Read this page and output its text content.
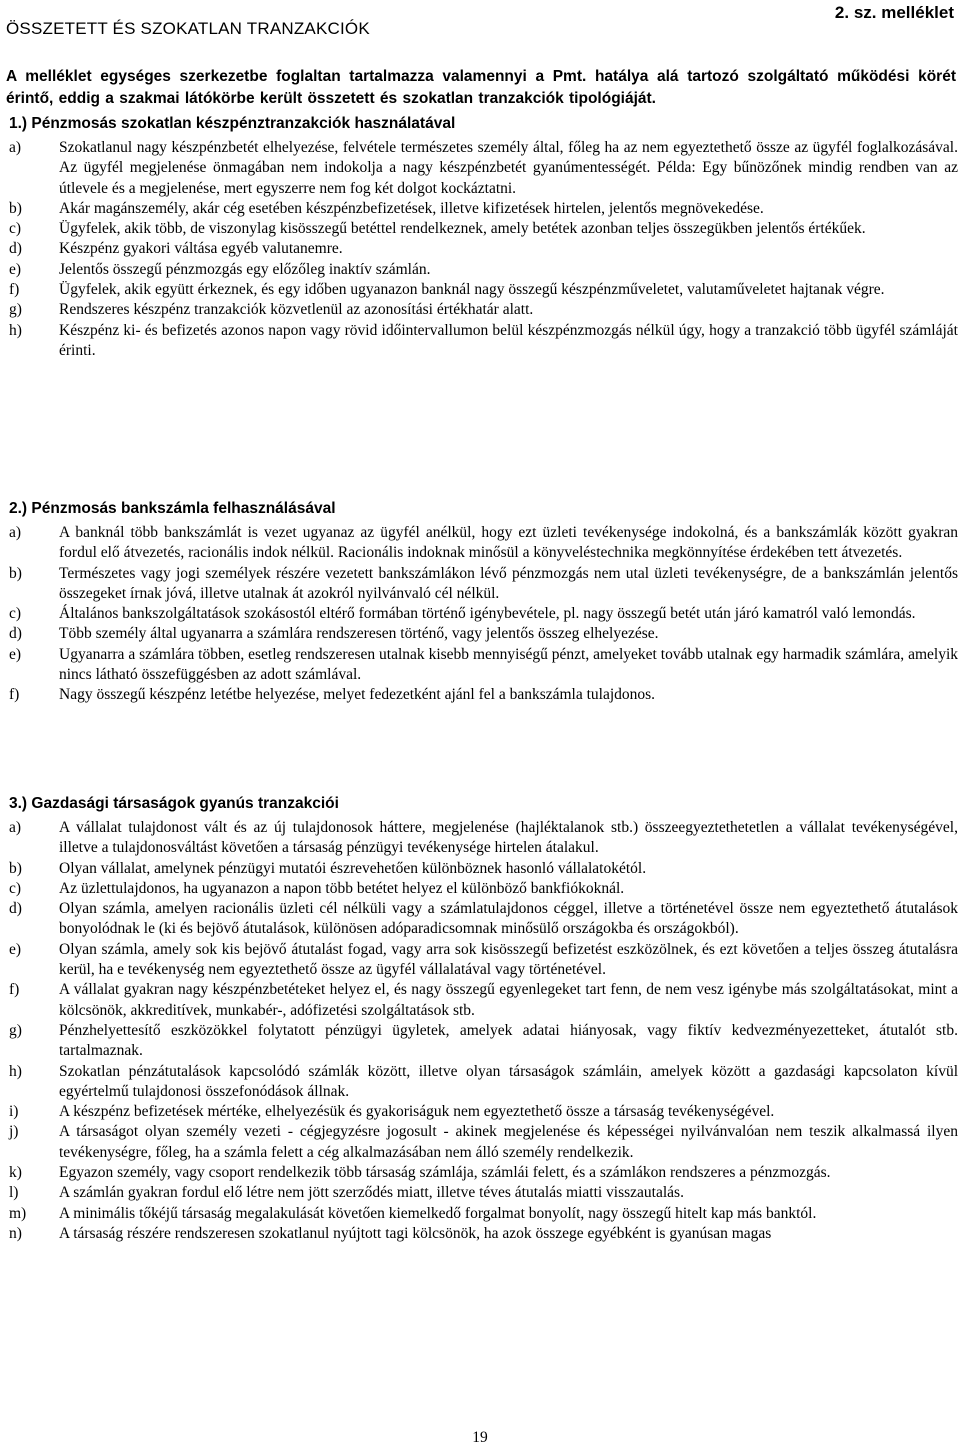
ÖSSZETETT ÉS SZOKATLAN TRANZAKCIÓK
2. sz. melléklet
A melléklet egységes szerkezetbe foglaltan tartalmazza valamennyi a Pmt. hatálya alá tartozó szolgáltató működési körét érintő, eddig a szakmai látókörbe került összetett és szokatlan tranzakciók tipológiáját.
1.) Pénzmosás szokatlan készpénztranzakciók használatával
a)	Szokatlanul nagy készpénzbetét elhelyezése, felvétele természetes személy által, főleg ha az nem egyeztethető össze az ügyfél foglalkozásával. Az ügyfél megjelenése önmagában nem indokolja a nagy készpénzbetét gyanúmentességét. Példa: Egy bűnözőnek mindig rendben van az útlevele és a megjelenése, mert egyszerre nem fog két dolgot kockáztatni.
b)	Akár magánszemély, akár cég esetében készpénzbefizetések, illetve kifizetések hirtelen, jelentős megnövekedése.
c)	Ügyfelek, akik több, de viszonylag kisösszegű betéttel rendelkeznek, amely betétek azonban teljes összegükben jelentős értékűek.
d)	Készpénz gyakori váltása egyéb valutanemre.
e)	Jelentős összegű pénzmozgás egy előzőleg inaktív számlán.
f)	Ügyfelek, akik együtt érkeznek, és egy időben ugyanazon banknál nagy összegű készpénzműveletet, valutaműveletet hajtanak végre.
g)	Rendszeres készpénz tranzakciók közvetlenül az azonosítási értékhatár alatt.
h)	Készpénz ki- és befizetés azonos napon vagy rövid időintervallumon belül készpénzmozgás nélkül úgy, hogy a tranzakció több ügyfél számláját érinti.
2.) Pénzmosás bankszámla felhasználásával
a)	A banknál több bankszámlát is vezet ugyanaz az ügyfél anélkül, hogy ezt üzleti tevékenysége indokolná, és a bankszámlák között gyakran fordul elő átvezetés, racionális indok nélkül. Racionális indoknak minősül a könyveléstechnika megkönnyítése érdekében tett átvezetés.
b)	Természetes vagy jogi személyek részére vezetett bankszámlákon lévő pénzmozgás nem utal üzleti tevékenységre, de a bankszámlán jelentős összegeket írnak jóvá, illetve utalnak át azokról nyilvánvaló cél nélkül.
c)	Általános bankszolgáltatások szokásostól eltérő formában történő igénybevétele, pl. nagy összegű betét után járó kamatról való lemondás.
d)	Több személy által ugyanarra a számlára rendszeresen történő, vagy jelentős összeg elhelyezése.
e)	Ugyanarra a számlára többen, esetleg rendszeresen utalnak kisebb mennyiségű pénzt, amelyeket tovább utalnak egy harmadik számlára, amelyik nincs látható összefüggésben az adott számlával.
f)	Nagy összegű készpénz letétbe helyezése, melyet fedezetként ajánl fel a bankszámla tulajdonos.
3.) Gazdasági társaságok gyanús tranzakciói
a)	A vállalat tulajdonost vált és az új tulajdonosok háttere, megjelenése (hajléktalanok stb.) összeegyeztethetetlen a vállalat tevékenységével, illetve a tulajdonosváltást követően a társaság pénzügyi tevékenysége hirtelen átalakul.
b)	Olyan vállalat, amelynek pénzügyi mutatói észrevehetően különböznek hasonló vállalatokétól.
c)	Az üzlettulajdonos, ha ugyanazon a napon több betétet helyez el különböző bankfiókoknál.
d)	Olyan számla, amelyen racionális üzleti cél nélküli vagy a számlatulajdonos céggel, illetve a történetével össze nem egyeztethető átutalások bonyolódnak le (ki és bejövő átutalások, különösen adóparadicsomnak minősülő országokba és országokból).
e)	Olyan számla, amely sok kis bejövő átutalást fogad, vagy arra sok kisösszegű befizetést eszközölnek, és ezt követően a teljes összeg átutalásra kerül, ha e tevékenység nem egyeztethető össze az ügyfél vállalatával vagy történetével.
f)	A vállalat gyakran nagy készpénzbetéteket helyez el, és nagy összegű egyenlegeket tart fenn, de nem vesz igénybe más szolgáltatásokat, mint a kölcsönök, akkreditívek, munkabér-, adófizetési szolgáltatások stb.
g)	Pénzhelyettesítő eszközökkel folytatott pénzügyi ügyletek, amelyek adatai hiányosak, vagy fiktív kedvezményezetteket, átutalót stb. tartalmaznak.
h)	Szokatlan pénzátutalások kapcsolódó számlák között, illetve olyan társaságok számláin, amelyek között a gazdasági kapcsolaton kívül egyértelmű tulajdonosi összefonódások állnak.
i)	A készpénz befizetések mértéke, elhelyezésük és gyakoriságuk nem egyeztethető össze a társaság tevékenységével.
j)	A társaságot olyan személy vezeti - cégjegyzésre jogosult - akinek megjelenése és képességei nyilvánvalóan nem teszik alkalmassá ilyen tevékenységre, főleg, ha a számla felett a cég alkalmazásában nem álló személy rendelkezik.
k)	Egyazon személy, vagy csoport rendelkezik több társaság számlája, számlái felett, és a számlákon rendszeres a pénzmozgás.
l)	A számlán gyakran fordul elő létre nem jött szerződés miatt, illetve téves átutalás miatti visszautalás.
m)	A minimális tőkéjű társaság megalakulását követően kiemelkedő forgalmat bonyolít, nagy összegű hitelt kap más banktól.
n)	A társaság részére rendszeresen szokatlanul nyújtott tagi kölcsönök, ha azok összege egyébként is gyanúsan magas
19
